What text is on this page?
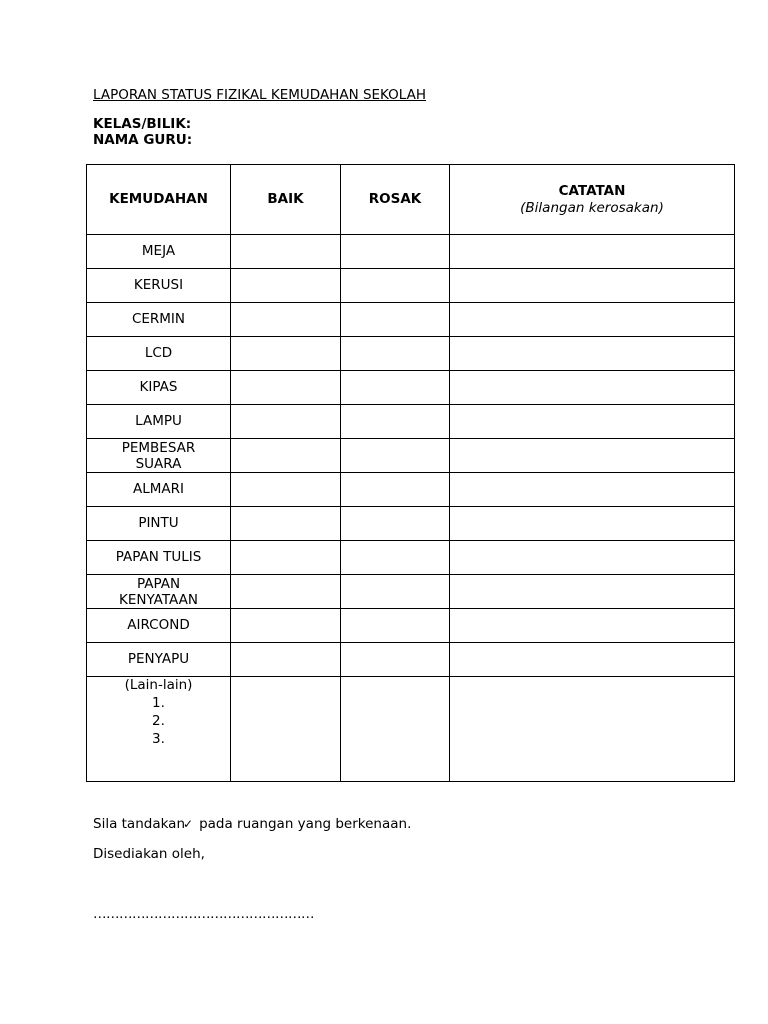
LAPORAN STATUS FIZIKAL KEMUDAHAN SEKOLAH
KELAS/BILIK:
NAMA GURU:
KEMUDAHAN	BAIK	ROSAK	CATATAN
(Bilangan kerosakan)

MEJA			

KERUSI			

CERMIN			

LCD			

KIPAS			

LAMPU			

PEMBESAR
SUARA			

ALMARI			

PINTU			

PAPAN TULIS			

PAPAN
KENYATAAN			

AIRCOND			

PENYAPU			

(Lain-lain)
1.
2.
3.			

Sila tandakan✓ pada ruangan yang berkenaan.
Disediakan oleh,
……………………………………………
